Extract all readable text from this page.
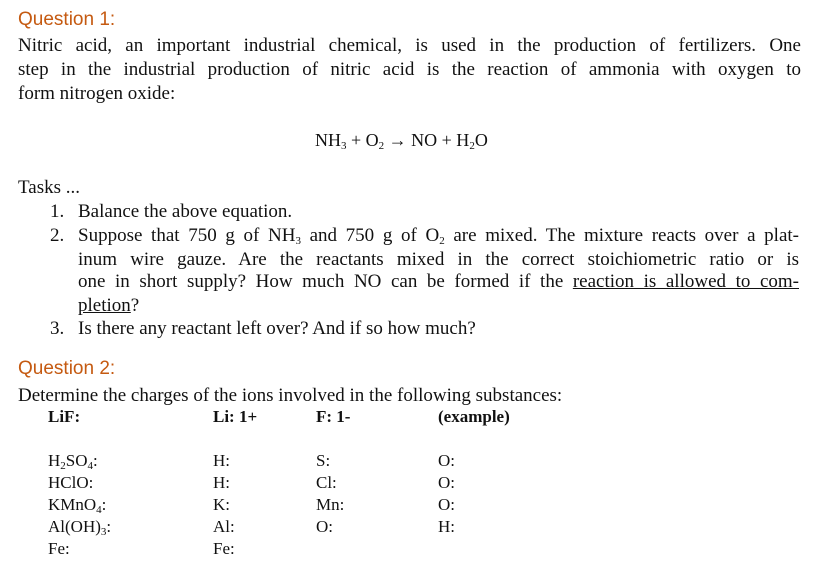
Question 1:
Nitric acid, an important industrial chemical, is used in the production of fertilizers. One
step in the industrial production of nitric acid is the reaction of ammonia with oxygen to
form nitrogen oxide:
$NH_3 + O_2$ → NO + $H_2O$
Tasks ...
1. Balance the above equation.
2. Suppose that 750 g of $NH_3$ and 750 g of $O_2$ are mixed. The mixture reacts over a plat-
inum wire gauze. Are the reactants mixed in the correct stoichiometric ratio or is
one in short supply? How much NO can be formed if the reaction is allowed to com-
pletion?
3. Is there any reactant left over? And if so how much?
Question 2:
Determine the charges of the ions involved in the following substances:
LiF:	Li: 1+	F: 1-	(example)
$H_2SO_4$:	H:	S:	O:
HClO:	H:	Cl:	O:
KMnO$_4$:	K:	Mn:	O:
$Al(OH)_3$:	Al:	O:	H:
Fe:	Fe:
